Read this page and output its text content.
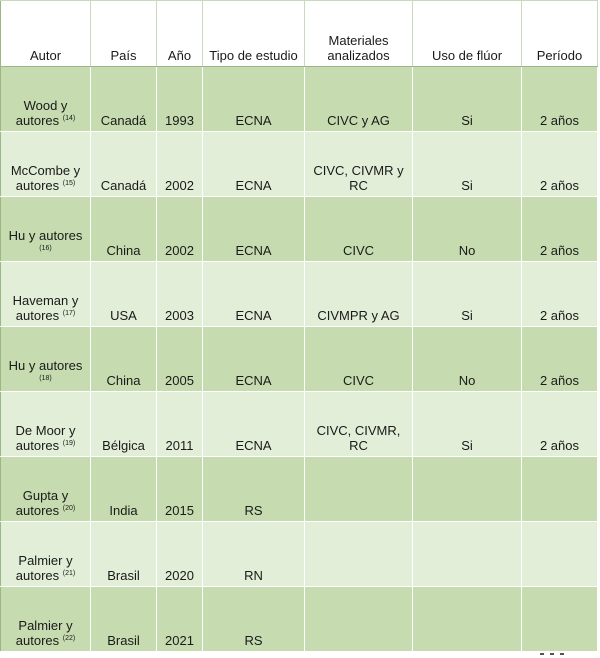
Autor	País	Año	Tipo de estudio	Materiales analizados	Uso de flúor	Período
Wood y autores $^{(14)}$	Canadá	1993	ECNA	CIVC y AG	Si	2 años
McCombe y autores $^{(15)}$	Canadá	2002	ECNA	CIVC, CIVMR y RC	Si	2 años
Hu y autores $^{(16)}$	China	2002	ECNA	CIVC	No	2 años
Haveman y autores $^{(17)}$	USA	2003	ECNA	CIVMPR y AG	Si	2 años
Hu y autores $^{(18)}$	China	2005	ECNA	CIVC	No	2 años
De Moor y autores $^{(19)}$	Bélgica	2011	ECNA	CIVC, CIVMR, RC	Si	2 años
Gupta y autores $^{(20)}$	India	2015	RS			
Palmier y autores $^{(21)}$	Brasil	2020	RN			
Palmier y autores $^{(22)}$	Brasil	2021	RS			
